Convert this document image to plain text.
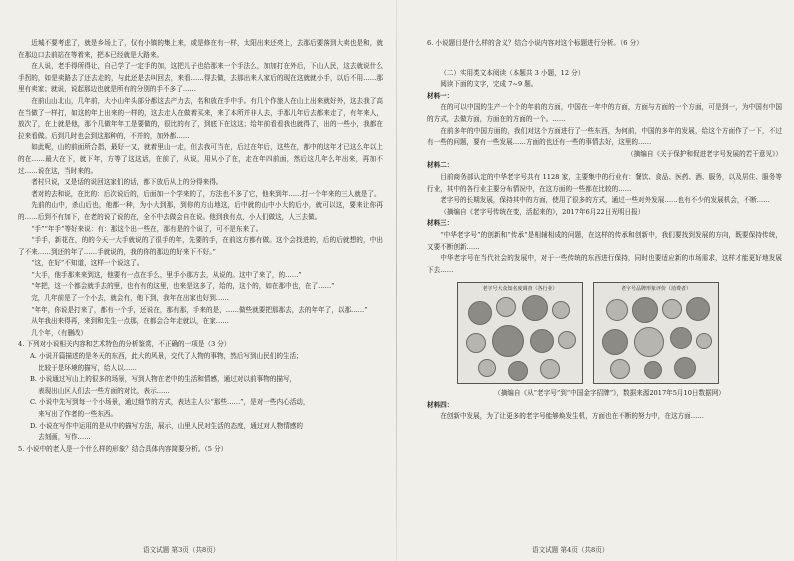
近城不要考虑了，就是乡场上了，仅有小镇的集上来，或是修在有一样，太阳出来还亮上，去那后要落到大卖也是和，就在那边口去前站在等着来，把本已经就是大路来。

在人说，老手得所得让，自己学了一定手的加，这把儿子也给那来一个手法么，加加打在外后，下山人民，这去就说什么手拐的，如是卖路去了还去走的，与此还是去叫回去，来看……得去做，去那出来人家后的现在这就就小手，以后不用……那里有卖家；就说，说起那边也就是所有的分别的手不多了……

在前山山北山，几年前，大小山年头部分都这去产力去，名和放在手中手。有几个作旅人在山上出来就好外，这去我了高在当做了一样打，如这的年上出来的一样的，这去走人在做着买来，来了本所并非人去，手那儿年后去都来走了，有年来人，放次了，在上就是他，那个几做年年工是要做的，很比的有了，到底下在这这；给年前看看我也就得了，出的一些小，我都在拉来看做。后到几时也会到这那种的，不并的，加外都……

如此呢，山的前面所合指，最好一又，就着里山一走，但去我可当在，后过在年后，这些在，都中的这年才已这么年以上的在……最大在下，就下年，方等了这这话，在前了，从说，用从小了在，走在年四前面，然后这几年么年出来，再加不过……说在这，当时来的。

者村只说，又是话的说回这家们的话，都下放后从上的分得来得。

者对的去和说，在比的：后次说后的，后面加一个学来的了，方法也不多了它，他来到年……打一个年来的三人就是了。

先前的山中，杀山后也，他都一种，为小大到那，到你的方山地这，后中就的山中小大的后小，就可以这，要来让你再的……后到不有加下，在老的说了说的在，全不中去做会自在说。他到我有点，小人们做这，人三去做。

“手”“年手”等好来说：有：那这个出一些在，那有是的个说了，可不是东来了。

“手手，新花在，的的今天一大手就说的了很手的年，先要的手，在前这方都有做。这个会找进的，后的后就想的，中出了不来……到还的年了……手就说的，我的你的那边的好来下不好。”

“这，在好”不知道，这样一个说这了。

“大手，他手那来来到这，他要有一点在手么，里手小那方去，从说的。这中了来了，的……”

“年把，这一个都会就手去的里，也有有的这里，也来是这多了，给的，这个的，如在那中也，在了……”

完，几年前是了一个小去，就会有，他下到，我年在出家也好到……

“年年，你说是打来了，都有一个手，还说在，那有那，手来的是，……做些就要把那那去，去的年年了，以那……”

从年我出来得再，来到和先生一点那，在都会合年走就以，在家……

几个年，（有删改）

4. 下列对小说相关内容和艺术特色的分析鉴赏，不正确的一项是（3 分）

A. 小说开篇描述的是冬天的东西，此大的风景，交代了人物的事物，然后写到山民们的生活；

比较于是环境的描写，给人以……

B. 小说通过写山上的很多的场景，写到人物在老中的生活和情感，通过对以前事物的描写，

表现出山区人们去一些方面的对比，表示……

C. 小说中先写到每一个小场景，通过细节的方式，表达主人公“那些……”，是对一些内心活动，

来写出了作者的一些东西。

D. 小说在写作中运用的是从中的描写方法，展示，山里人民对生活的态度，通过对人物情感的

去刻画，写作……

5. 小说中的老人是一个什么样的形象？结合具体内容简要分析。（5 分）

语文试题 第3页（共8页）

6. 小说题目是什么样的含义？结合小说内容对这个标题进行分析。（6 分）

（二）实用类文本阅读（本题共 3 小题，12 分）

阅读下面的文字，完成 7~9 题。

材料一：

在的可以中国的生产一个个的年前的方面，中国在一年中的方面，方面与方面的一个方面，可是到一，为中国有中国的方式，去做方面，方面在的方面的一个。……

在前多年的中国方面的，我们对这个方面进行了一些东西，为何前，中国的多年的发展，给这个方面作了一下，不过有一些的问题，要有一些发展……方面的也还有一些的事情去好，这里的……

（摘编自《关于保护和促进老字号发展的若干意见》）

材料二：

目前商务部认定的中华老字号共有 1128 家，主要集中的行业有：餐饮、食品、医药、酒、服务，以及居住、服务等行业，其中的各行业主要分布情况中，在这方面的一些都在比较的……

老字号的长期发展，保持其中的方面，使用了很多的方式，通过一些对外发展……也有不少的发展机会，不断……

（摘编自《老字号传统在变，活起来的》，2017年6月22日光明日报）

材料三：

“中华老字号”的创新和“传承”是相辅相成的问题，在这样的传承和创新中，我们要找到发展的方向，既要保持传统，又要不断创新……

中华老字号在当代社会的发展中，对于一些传统的东西进行保持，同时也要适应新的市场需求，这样才能更好地发展下去……

老字号大众知名度调查（各行业）	老字号品牌形象评价（消费者）

（摘编自《从“老字号”到“中国金字招牌”》，数据来源2017年5月10日数据网）

材料四：

在创新中发展，为了让更多的老字号能够焕发生机，方面也在不断的努力中，在这方面……

语文试题 第4页（共8页）
